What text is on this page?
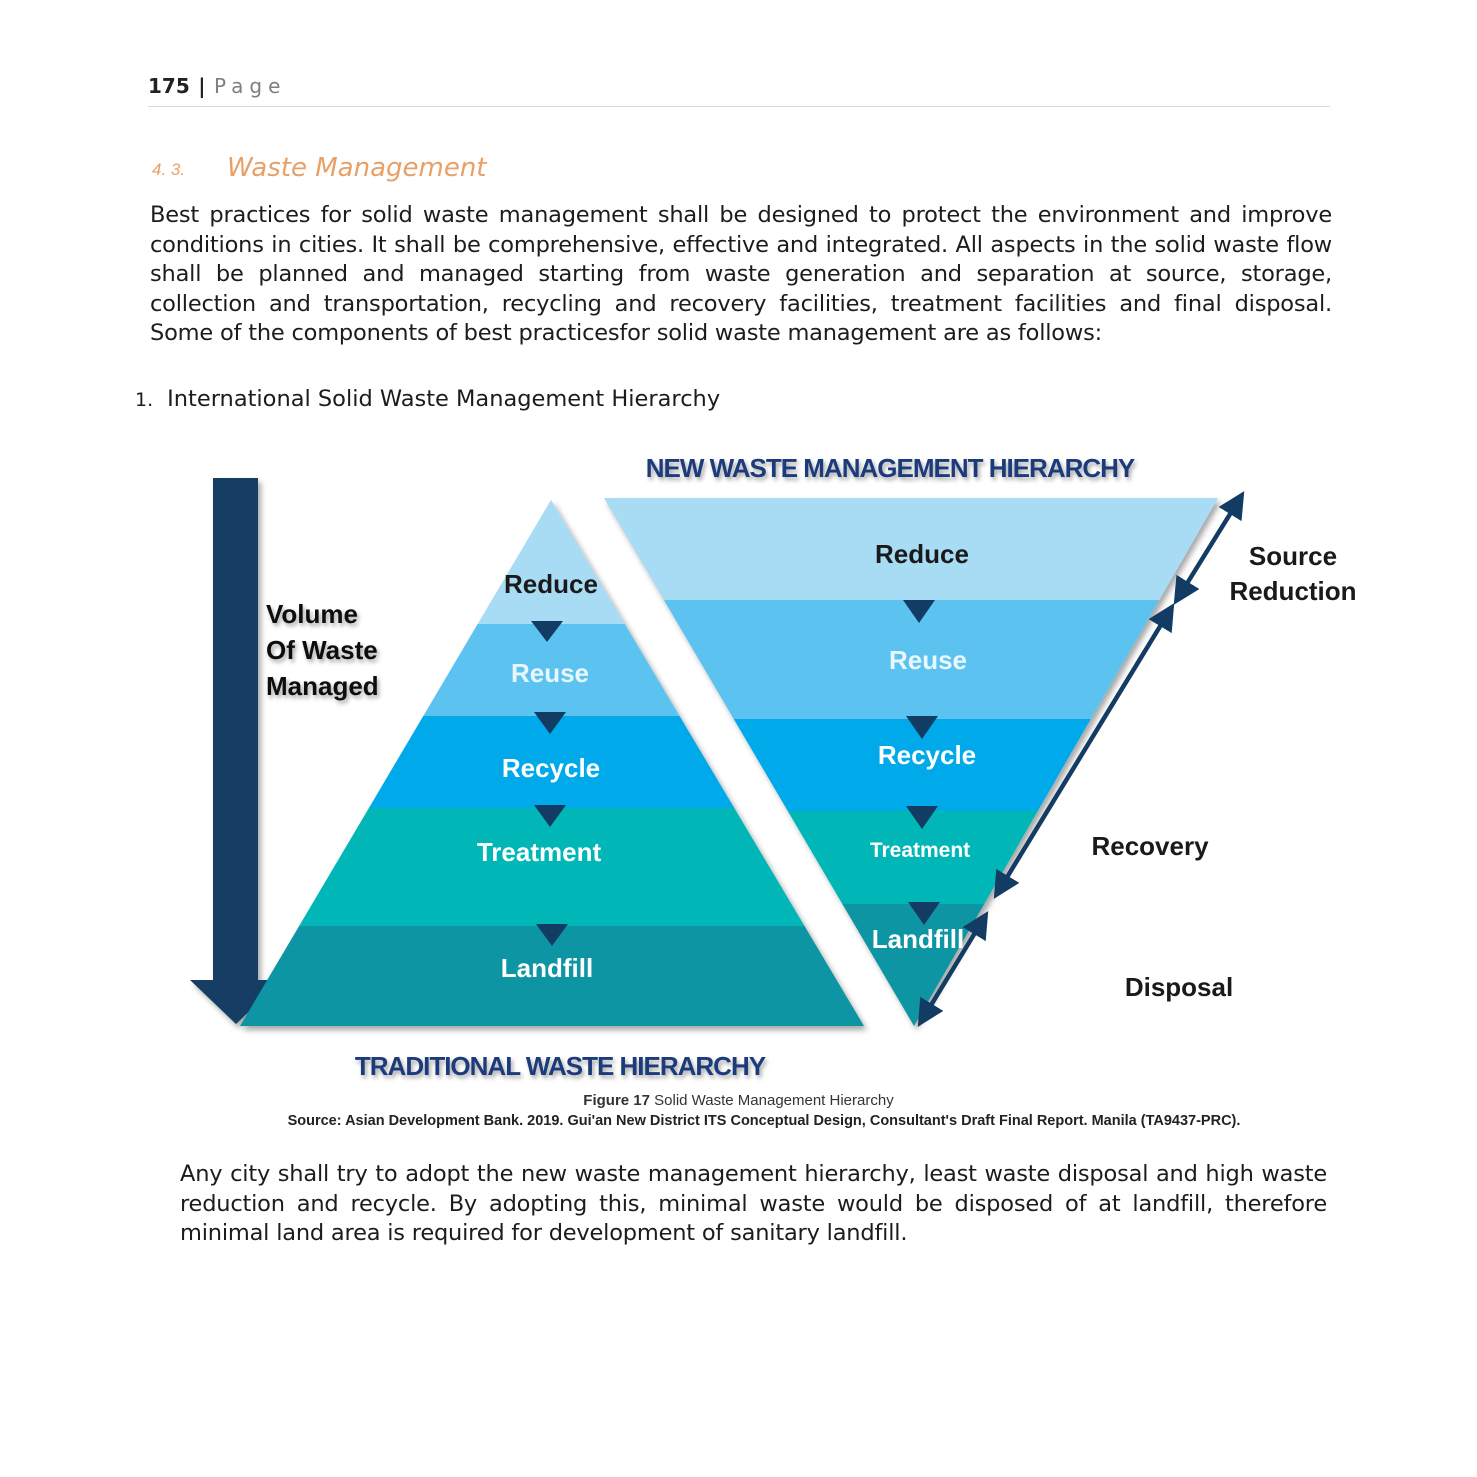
175 | Page
4. 3. Waste Management
Best practices for solid waste management shall be designed to protect the environment and improve conditions in cities. It shall be comprehensive, effective and integrated. All aspects in the solid waste flow shall be planned and managed starting from waste generation and separation at source, storage, collection and transportation, recycling and recovery facilities, treatment facilities and final disposal. Some of the components of best practicesfor solid waste management are as follows:
1. International Solid Waste Management Hierarchy
Volume
Of Waste
Managed
Reduce
Reuse
Recycle
Treatment
Landfill
Reduce
Reuse
Recycle
Treatment
Landfill
Source
Reduction
Recovery
Disposal
NEW WASTE MANAGEMENT HIERARCHY
TRADITIONAL WASTE HIERARCHY
Figure 17 Solid Waste Management Hierarchy
Source: Asian Development Bank. 2019. Gui'an New District ITS Conceptual Design, Consultant's Draft Final Report. Manila (TA9437-PRC).
Any city shall try to adopt the new waste management hierarchy, least waste disposal and high waste reduction and recycle. By adopting this, minimal waste would be disposed of at landfill, therefore minimal land area is required for development of sanitary landfill.
